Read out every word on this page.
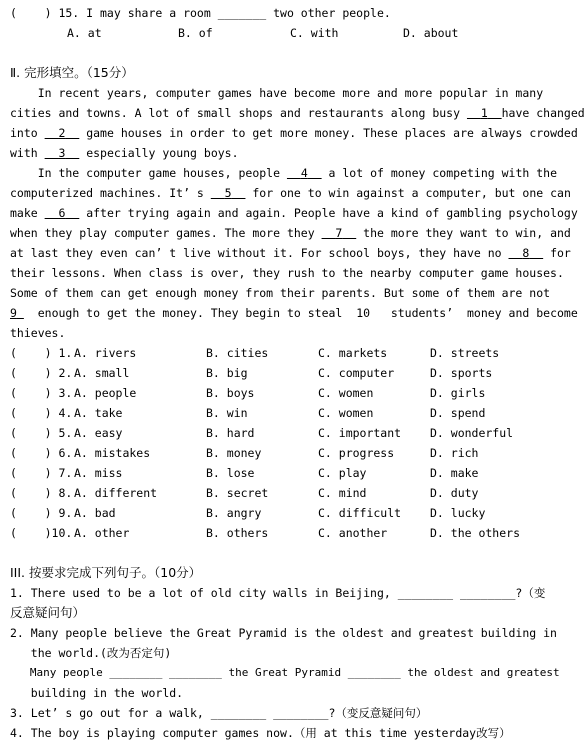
(    ) 15. I may share a room _______ two other people.
A. at	B. of	C. with	D. about
Ⅱ. 完形填空。（15分）
In recent years, computer games have become more and more popular in many
cities and towns. A lot of small shops and restaurants along busy   1 have changed
into   2   game houses in order to get more money. These places are always crowded
with   3   especially young boys.
In the computer game houses, people   4   a lot of money competing with the
computerized machines. It’ s   5   for one to win against a computer, but one can
make   6   after trying again and again. People have a kind of gambling psychology
when they play computer games. The more they   7   the more they want to win, and
at last they even can’ t live without it. For school boys, they have no   8   for
their lessons. When class is over, they rush to the nearby computer game houses.
Some of them can get enough money from their parents. But some of them are not
9   enough to get the money. They begin to steal  10   students’  money and become
thieves.
(    ) 1. A. rivers	B. cities	C. markets	D. streets
(    ) 2. A. small	B. big	C. computer	D. sports
(    ) 3. A. people	B. boys	C. women	D. girls
(    ) 4. A. take	B. win	C. women	D. spend
(    ) 5. A. easy	B. hard	C. important	D. wonderful
(    ) 6. A. mistakes	B. money	C. progress	D. rich
(    ) 7. A. miss	B. lose	C. play	D. make
(    ) 8. A. different	B. secret	C. mind	D. duty
(    ) 9. A. bad	B. angry	C. difficult	D. lucky
(    )10. A. other	B. others	C. another	D. the others
III. 按要求完成下列句子。（10分）
1. There used to be a lot of old city walls in Beijing, ________ ________?（变
反意疑问句）
2. Many people believe the Great Pyramid is the oldest and greatest building in
the world.(改为否定句)
Many people ________ ________ the Great Pyramid ________ the oldest and greatest
building in the world.
3. Let’ s go out for a walk, ________ ________?（变反意疑问句）
4. The boy is playing computer games now.（用 at this time yesterday改写）
